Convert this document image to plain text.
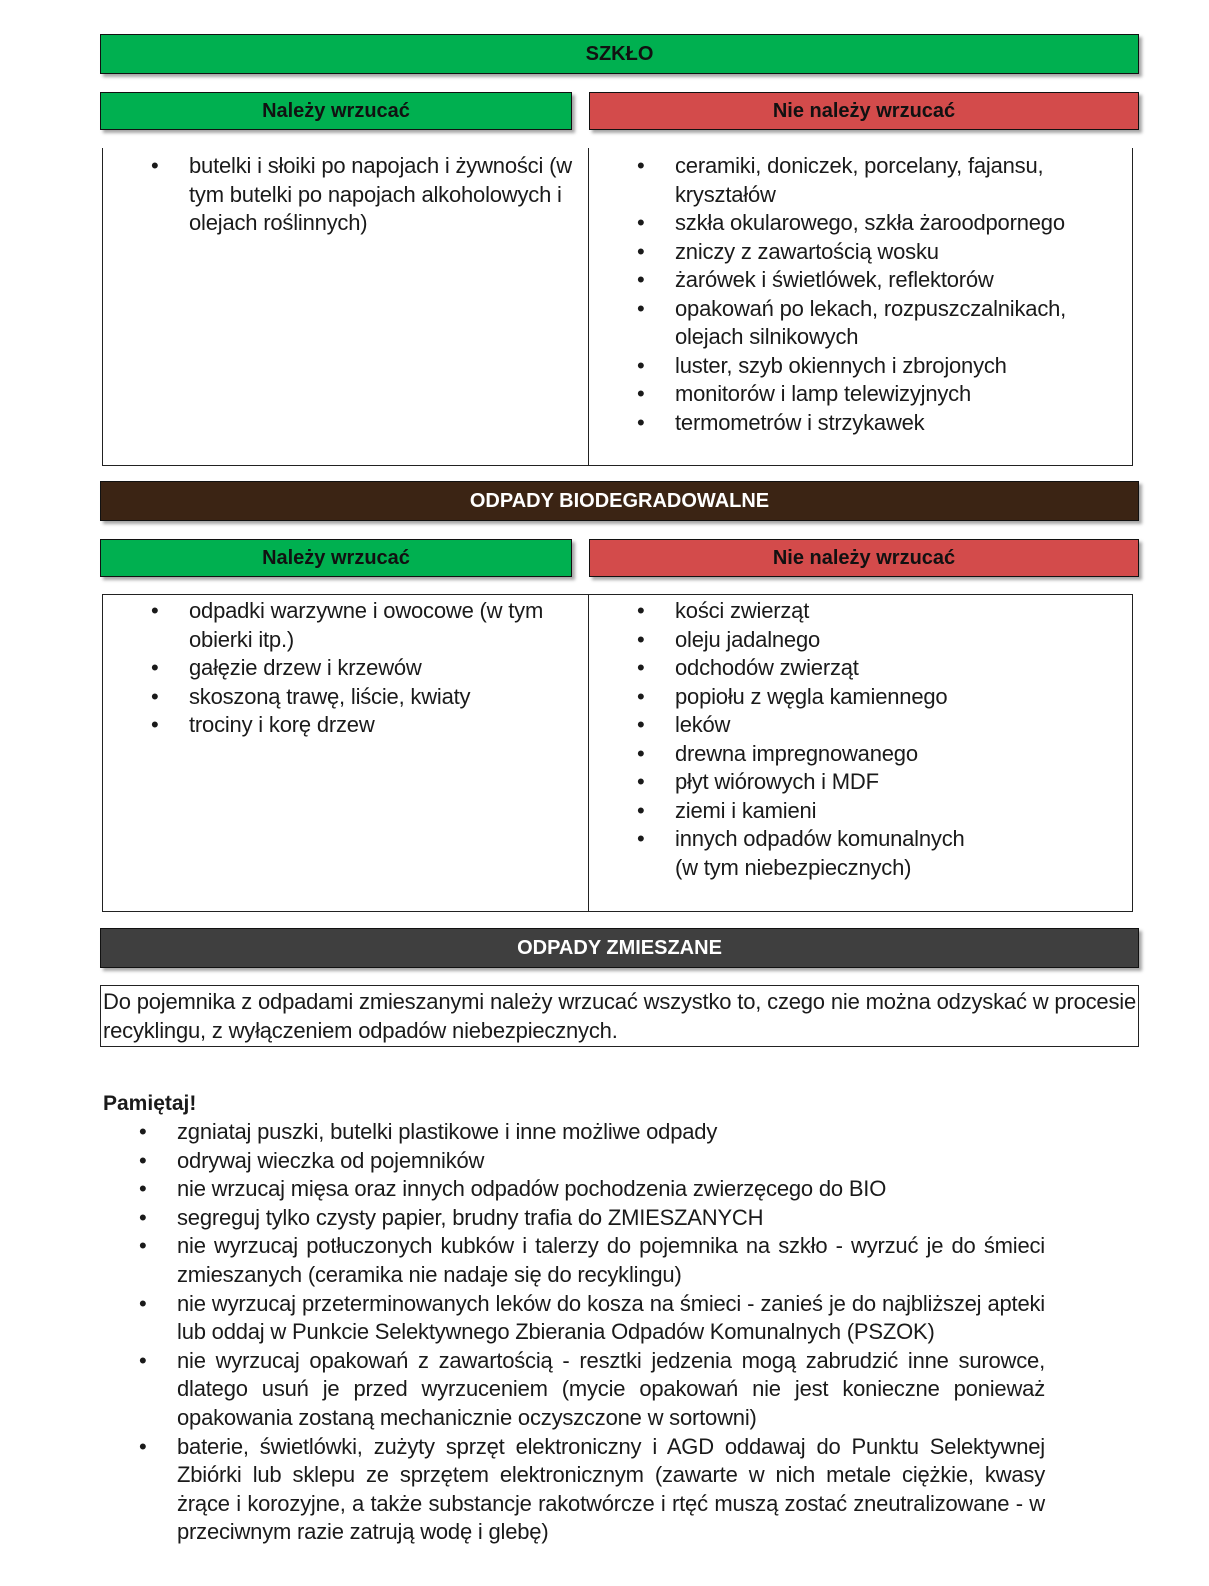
SZKŁO
Należy wrzucać	Nie należy wrzucać
• butelki i słoiki po napojach i żywności (w tym butelki po napojach alkoholowych i olejach roślinnych)
• ceramiki, doniczek, porcelany, fajansu, kryształów
• szkła okularowego, szkła żaroodpornego
• zniczy z zawartością wosku
• żarówek i świetlówek, reflektorów
• opakowań po lekach, rozpuszczalnikach, olejach silnikowych
• luster, szyb okiennych i zbrojonych
• monitorów i lamp telewizyjnych
• termometrów i strzykawek
ODPADY BIODEGRADOWALNE
Należy wrzucać	Nie należy wrzucać
• odpadki warzywne i owocowe (w tym obierki itp.)
• gałęzie drzew i krzewów
• skoszoną trawę, liście, kwiaty
• trociny i korę drzew
• kości zwierząt
• oleju jadalnego
• odchodów zwierząt
• popiołu z węgla kamiennego
• leków
• drewna impregnowanego
• płyt wiórowych i MDF
• ziemi i kamieni
• innych odpadów komunalnych (w tym niebezpiecznych)
ODPADY ZMIESZANE
Do pojemnika z odpadami zmieszanymi należy wrzucać wszystko to, czego nie można odzyskać w procesie recyklingu, z wyłączeniem odpadów niebezpiecznych.
Pamiętaj!
• zgniataj puszki, butelki plastikowe i inne możliwe odpady
• odrywaj wieczka od pojemników
• nie wrzucaj mięsa oraz innych odpadów pochodzenia zwierzęcego do BIO
• segreguj tylko czysty papier, brudny trafia do ZMIESZANYCH
• nie wyrzucaj potłuczonych kubków i talerzy do pojemnika na szkło - wyrzuć je do śmieci zmieszanych (ceramika nie nadaje się do recyklingu)
• nie wyrzucaj przeterminowanych leków do kosza na śmieci - zanieś je do najbliższej apteki lub oddaj w Punkcie Selektywnego Zbierania Odpadów Komunalnych (PSZOK)
• nie wyrzucaj opakowań z zawartością - resztki jedzenia mogą zabrudzić inne surowce, dlatego usuń je przed wyrzuceniem (mycie opakowań nie jest konieczne ponieważ opakowania zostaną mechanicznie oczyszczone w sortowni)
• baterie, świetlówki, zużyty sprzęt elektroniczny i AGD oddawaj do Punktu Selektywnej Zbiórki lub sklepu ze sprzętem elektronicznym (zawarte w nich metale ciężkie, kwasy żrące i korozyjne, a także substancje rakotwórcze i rtęć muszą zostać zneutralizowane - w przeciwnym razie zatrują wodę i glebę)
